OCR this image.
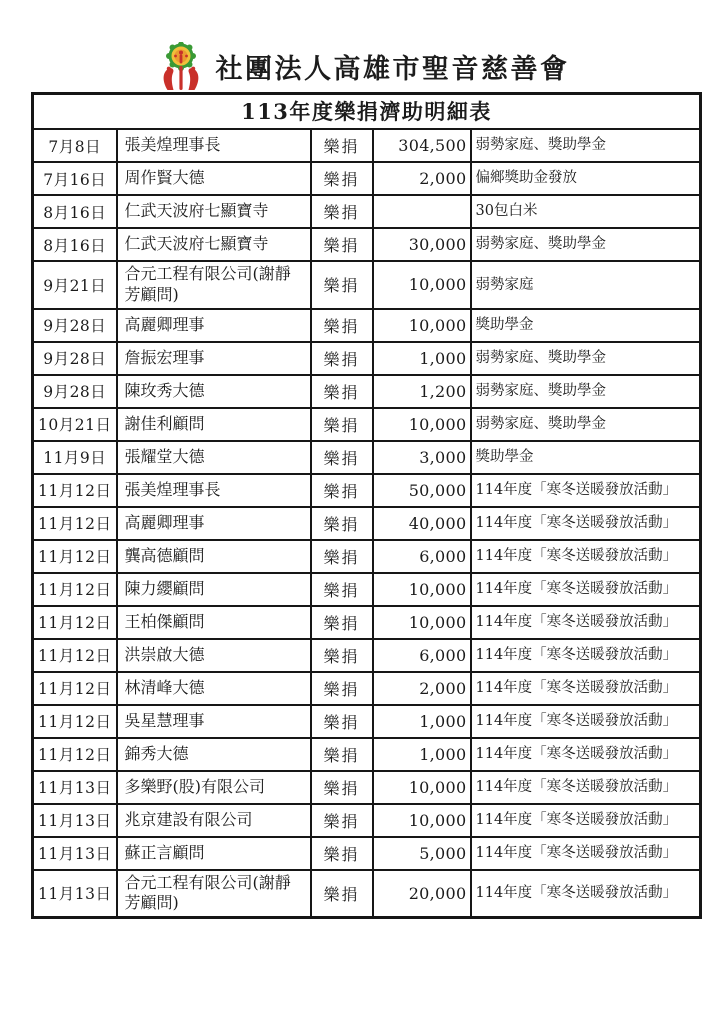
社團法人高雄市聖音慈善會
113年度樂捐濟助明細表				
7月8日	張美煌理事長	樂捐	304,500	弱勢家庭、獎助學金
7月16日	周作賢大德	樂捐	2,000	偏鄉獎助金發放
8月16日	仁武天波府七顯寶寺	樂捐		30包白米
8月16日	仁武天波府七顯寶寺	樂捐	30,000	弱勢家庭、獎助學金
9月21日	合元工程有限公司(謝靜芳顧問)	樂捐	10,000	弱勢家庭
9月28日	高麗卿理事	樂捐	10,000	獎助學金
9月28日	詹振宏理事	樂捐	1,000	弱勢家庭、獎助學金
9月28日	陳玫秀大德	樂捐	1,200	弱勢家庭、獎助學金
10月21日	謝佳利顧問	樂捐	10,000	弱勢家庭、獎助學金
11月9日	張耀堂大德	樂捐	3,000	獎助學金
11月12日	張美煌理事長	樂捐	50,000	114年度「寒冬送暖發放活動」
11月12日	高麗卿理事	樂捐	40,000	114年度「寒冬送暖發放活動」
11月12日	龔高德顧問	樂捐	6,000	114年度「寒冬送暖發放活動」
11月12日	陳力纓顧問	樂捐	10,000	114年度「寒冬送暖發放活動」
11月12日	王柏傑顧問	樂捐	10,000	114年度「寒冬送暖發放活動」
11月12日	洪崇啟大德	樂捐	6,000	114年度「寒冬送暖發放活動」
11月12日	林清峰大德	樂捐	2,000	114年度「寒冬送暖發放活動」
11月12日	吳星慧理事	樂捐	1,000	114年度「寒冬送暖發放活動」
11月12日	錦秀大德	樂捐	1,000	114年度「寒冬送暖發放活動」
11月13日	多樂野(股)有限公司	樂捐	10,000	114年度「寒冬送暖發放活動」
11月13日	兆京建設有限公司	樂捐	10,000	114年度「寒冬送暖發放活動」
11月13日	蘇正言顧問	樂捐	5,000	114年度「寒冬送暖發放活動」
11月13日	合元工程有限公司(謝靜芳顧問)	樂捐	20,000	114年度「寒冬送暖發放活動」
